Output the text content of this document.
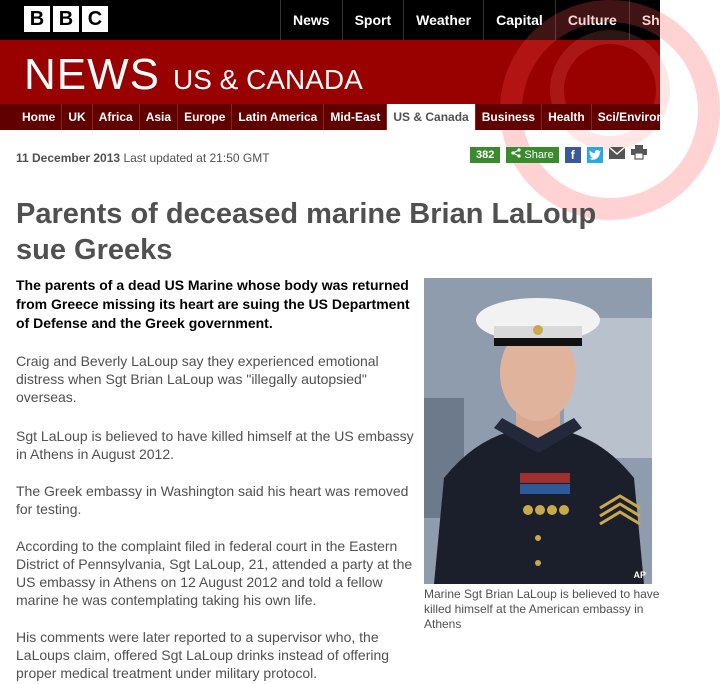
B B C	News	Sport	Weather	Capital	Culture	Shop
NEWS US & CANADA
Home	UK	Africa	Asia	Europe	Latin America	Mid-East	US & Canada	Business	Health	Sci/Environment
11 December 2013 Last updated at 21:50 GMT	382	Share	f
Parents of deceased marine Brian LaLoup sue Greeks

The parents of a dead US Marine whose body was returned from Greece missing its heart are suing the US Department of Defense and the Greek government.

Craig and Beverly LaLoup say they experienced emotional distress when Sgt Brian LaLoup was "illegally autopsied" overseas.

Sgt LaLoup is believed to have killed himself at the US embassy in Athens in August 2012.

The Greek embassy in Washington said his heart was removed for testing.

According to the complaint filed in federal court in the Eastern District of Pennsylvania, Sgt LaLoup, 21, attended a party at the US embassy in Athens on 12 August 2012 and told a fellow marine he was contemplating taking his own life.

His comments were later reported to a supervisor who, the LaLoups claim, offered Sgt LaLoup drinks instead of offering proper medical treatment under military protocol.

AP

Marine Sgt Brian LaLoup is believed to have killed himself at the American embassy in Athens
